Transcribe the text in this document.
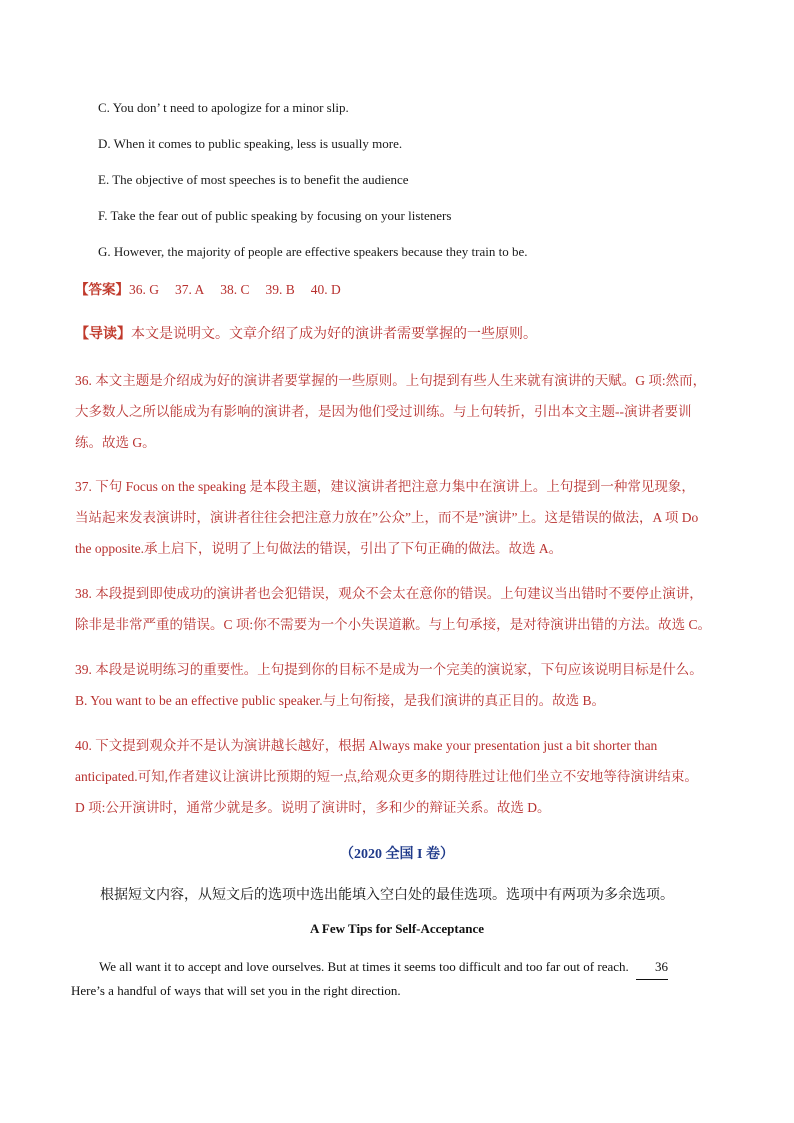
C. You don’ t need to apologize for a minor slip.
D. When it comes to public speaking, less is usually more.
E. The objective of most speeches is to benefit the audience
F. Take the fear out of public speaking by focusing on your listeners
G. However, the majority of people are effective speakers because they train to be.
【答案】36. G 37. A 38. C 39. B 40. D
【导读】本文是说明文。文章介绍了成为好的演讲者需要掌握的一些原则。
36. 本文主题是介绍成为好的演讲者要掌握的一些原则。上句提到有些人生来就有演讲的天赋。G 项:然而，
大多数人之所以能成为有影响的演讲者，是因为他们受过训练。与上句转折，引出本文主题--演讲者要训
练。故选 G。
37. 下句 Focus on the speaking 是本段主题，建议演讲者把注意力集中在演讲上。上句提到一种常见现象，
当站起来发表演讲时，演讲者往往会把注意力放在”公众”上，而不是”演讲”上。这是错误的做法，A 项 Do
the opposite.承上启下，说明了上句做法的错误，引出了下句正确的做法。故选 A。
38. 本段提到即使成功的演讲者也会犯错误，观众不会太在意你的错误。上句建议当出错时不要停止演讲，
除非是非常严重的错误。C 项:你不需要为一个小失误道歉。与上句承接，是对待演讲出错的方法。故选 C。
39. 本段是说明练习的重要性。上句提到你的目标不是成为一个完美的演说家，下句应该说明目标是什么。
B. You want to be an effective public speaker.与上句衔接，是我们演讲的真正目的。故选 B。
40. 下文提到观众并不是认为演讲越长越好，根据 Always make your presentation just a bit shorter than
anticipated.可知,作者建议让演讲比预期的短一点,给观众更多的期待胜过让他们坐立不安地等待演讲结束。
D 项:公开演讲时，通常少就是多。说明了演讲时，多和少的辩证关系。故选 D。
（2020 全国 I 卷）
根据短文内容，从短文后的选项中选出能填入空白处的最佳选项。选项中有两项为多余选项。
A Few Tips for Self-Acceptance
We all want it to accept and love ourselves. But at times it seems too difficult and too far out of reach. 36
Here’s a handful of ways that will set you in the right direction.
